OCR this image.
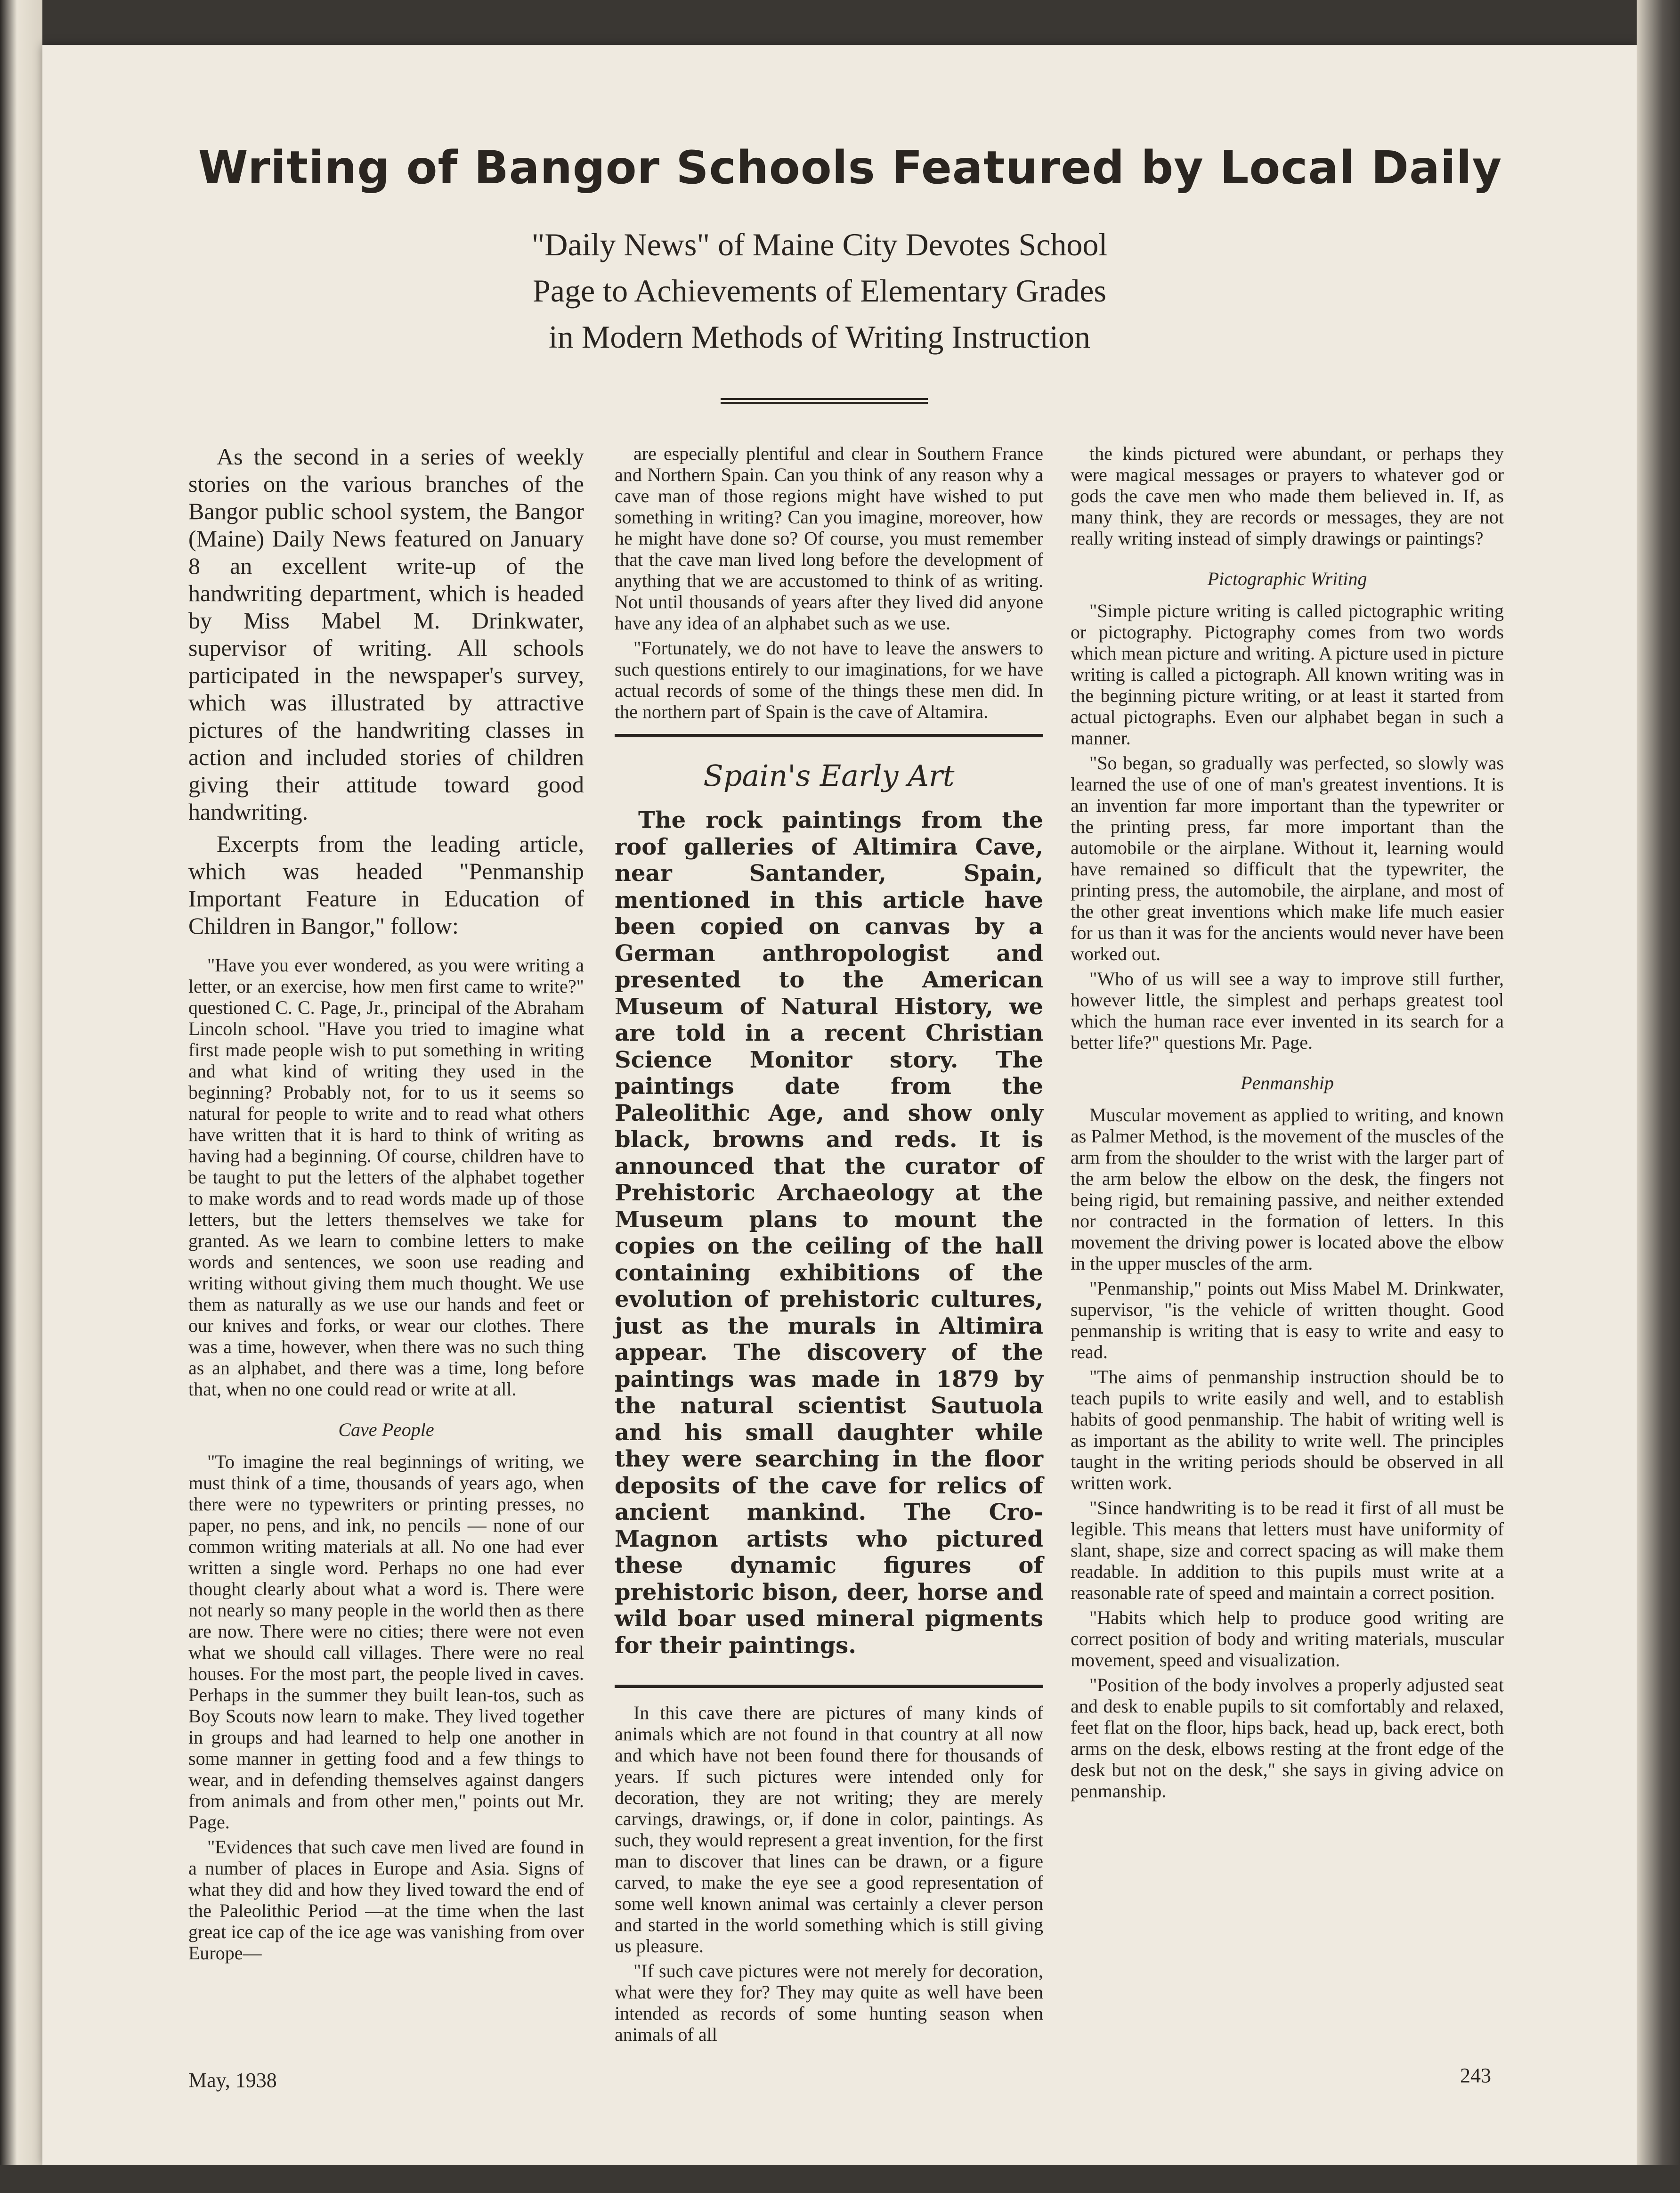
Writing of Bangor Schools Featured by Local Daily
"Daily News" of Maine City Devotes School
Page to Achievements of Elementary Grades
in Modern Methods of Writing Instruction

As the second in a series of weekly stories on the various branches of the Bangor public school system, the Bangor (Maine) Daily News featured on January 8 an excellent write-up of the handwriting department, which is headed by Miss Mabel M. Drinkwater, supervisor of writing. All schools participated in the newspaper's survey, which was illustrated by attractive pictures of the handwriting classes in action and included stories of children giving their attitude toward good handwriting.

Excerpts from the leading article, which was headed "Penmanship Important Feature in Education of Children in Bangor," follow:

"Have you ever wondered, as you were writing a letter, or an exercise, how men first came to write?" questioned C. C. Page, Jr., principal of the Abraham Lincoln school. "Have you tried to imagine what first made people wish to put something in writing and what kind of writing they used in the beginning? Probably not, for to us it seems so natural for people to write and to read what others have written that it is hard to think of writing as having had a beginning. Of course, children have to be taught to put the letters of the alphabet together to make words and to read words made up of those letters, but the letters themselves we take for granted. As we learn to combine letters to make words and sentences, we soon use reading and writing without giving them much thought. We use them as naturally as we use our hands and feet or our knives and forks, or wear our clothes. There was a time, however, when there was no such thing as an alphabet, and there was a time, long before that, when no one could read or write at all.

Cave People

"To imagine the real beginnings of writing, we must think of a time, thousands of years ago, when there were no typewriters or printing presses, no paper, no pens, and ink, no pencils — none of our common writing materials at all. No one had ever written a single word. Perhaps no one had ever thought clearly about what a word is. There were not nearly so many people in the world then as there are now. There were no cities; there were not even what we should call villages. There were no real houses. For the most part, the people lived in caves. Perhaps in the summer they built lean-tos, such as Boy Scouts now learn to make. They lived together in groups and had learned to help one another in some manner in getting food and a few things to wear, and in defending themselves against dangers from animals and from other men," points out Mr. Page.

"Evidences that such cave men lived are found in a number of places in Europe and Asia. Signs of what they did and how they lived toward the end of the Paleolithic Period —at the time when the last great ice cap of the ice age was vanishing from over Europe—

are especially plentiful and clear in Southern France and Northern Spain. Can you think of any reason why a cave man of those regions might have wished to put something in writing? Can you imagine, moreover, how he might have done so? Of course, you must remember that the cave man lived long before the development of anything that we are accustomed to think of as writing. Not until thousands of years after they lived did anyone have any idea of an alphabet such as we use.

"Fortunately, we do not have to leave the answers to such questions entirely to our imaginations, for we have actual records of some of the things these men did. In the northern part of Spain is the cave of Altamira.

Spain's Early Art

The rock paintings from the roof galleries of Altimira Cave, near Santander, Spain, mentioned in this article have been copied on canvas by a German anthropologist and presented to the American Museum of Natural History, we are told in a recent Christian Science Monitor story. The paintings date from the Paleolithic Age, and show only black, browns and reds. It is announced that the curator of Prehistoric Archaeology at the Museum plans to mount the copies on the ceiling of the hall containing exhibitions of the evolution of prehistoric cultures, just as the murals in Altimira appear. The discovery of the paintings was made in 1879 by the natural scientist Sautuola and his small daughter while they were searching in the floor deposits of the cave for relics of ancient mankind. The Cro-Magnon artists who pictured these dynamic figures of prehistoric bison, deer, horse and wild boar used mineral pigments for their paintings.

In this cave there are pictures of many kinds of animals which are not found in that country at all now and which have not been found there for thousands of years. If such pictures were intended only for decoration, they are not writing; they are merely carvings, drawings, or, if done in color, paintings. As such, they would represent a great invention, for the first man to discover that lines can be drawn, or a figure carved, to make the eye see a good representation of some well known animal was certainly a clever person and started in the world something which is still giving us pleasure.

"If such cave pictures were not merely for decoration, what were they for? They may quite as well have been intended as records of some hunting season when animals of all

the kinds pictured were abundant, or perhaps they were magical messages or prayers to whatever god or gods the cave men who made them believed in. If, as many think, they are records or messages, they are not really writing instead of simply drawings or paintings?

Pictographic Writing

"Simple picture writing is called pictographic writing or pictography. Pictography comes from two words which mean picture and writing. A picture used in picture writing is called a pictograph. All known writing was in the beginning picture writing, or at least it started from actual pictographs. Even our alphabet began in such a manner.

"So began, so gradually was perfected, so slowly was learned the use of one of man's greatest inventions. It is an invention far more important than the typewriter or the printing press, far more important than the automobile or the airplane. Without it, learning would have remained so difficult that the typewriter, the printing press, the automobile, the airplane, and most of the other great inventions which make life much easier for us than it was for the ancients would never have been worked out.

"Who of us will see a way to improve still further, however little, the simplest and perhaps greatest tool which the human race ever invented in its search for a better life?" questions Mr. Page.

Penmanship

Muscular movement as applied to writing, and known as Palmer Method, is the movement of the muscles of the arm from the shoulder to the wrist with the larger part of the arm below the elbow on the desk, the fingers not being rigid, but remaining passive, and neither extended nor contracted in the formation of letters. In this movement the driving power is located above the elbow in the upper muscles of the arm.

"Penmanship," points out Miss Mabel M. Drinkwater, supervisor, "is the vehicle of written thought. Good penmanship is writing that is easy to write and easy to read.

"The aims of penmanship instruction should be to teach pupils to write easily and well, and to establish habits of good penmanship. The habit of writing well is as important as the ability to write well. The principles taught in the writing periods should be observed in all written work.

"Since handwriting is to be read it first of all must be legible. This means that letters must have uniformity of slant, shape, size and correct spacing as will make them readable. In addition to this pupils must write at a reasonable rate of speed and maintain a correct position.

"Habits which help to produce good writing are correct position of body and writing materials, muscular movement, speed and visualization.

"Position of the body involves a properly adjusted seat and desk to enable pupils to sit comfortably and relaxed, feet flat on the floor, hips back, head up, back erect, both arms on the desk, elbows resting at the front edge of the desk but not on the desk," she says in giving advice on penmanship.

May, 1938	243
